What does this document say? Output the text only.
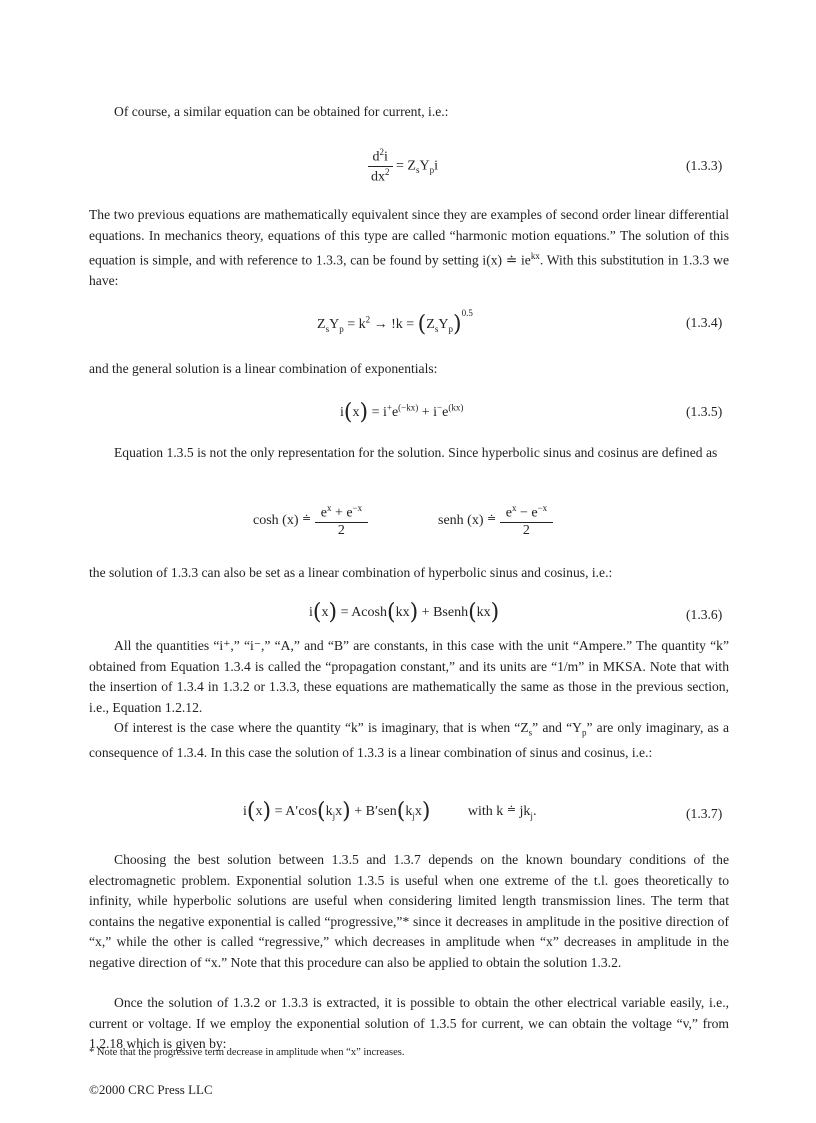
Of course, a similar equation can be obtained for current, i.e.:

$\frac{d^2i}{dx^2} = Z_sY_pi$	(1.3.3)

The two previous equations are mathematically equivalent since they are examples of second order linear differential equations. In mechanics theory, equations of this type are called “harmonic motion equations.” The solution of this equation is simple, and with reference to 1.3.3, can be found by setting i(x) ≐ $ie^{kx}$. With this substitution in 1.3.3 we have:

$Z_sY_p = k^2 \to !k = (Z_sY_p)^{0.5}$
(1.3.4)

and the general solution is a linear combination of exponentials:

$i(x) = i^+e^{(-kx)} + i^-e^{(kx)}$	(1.3.5)

Equation 1.3.5 is not the only representation for the solution. Since hyperbolic sinus and cosinus are defined as

cosh (x) ≐ $\frac{e^x + e^{-x}}{2}$	senh (x) ≐ $\frac{e^x - e^{-x}}{2}$

the solution of 1.3.3 can also be set as a linear combination of hyperbolic sinus and cosinus, i.e.:

i(x) = Acosh(kx) + Bsenh(kx)	(1.3.6)

All the quantities “i⁺,” “i⁻,” “A,” and “B” are constants, in this case with the unit “Ampere.” The quantity “k” obtained from Equation 1.3.4 is called the “propagation constant,” and its units are “1/m” in MKSA. Note that with the insertion of 1.3.4 in 1.3.2 or 1.3.3, these equations are mathematically the same as those in the previous section, i.e., Equation 1.2.12.

Of interest is the case where the quantity “k” is imaginary, that is when “$Z_s$” and “$Y_p$” are only imaginary, as a consequence of 1.3.4. In this case the solution of 1.3.3 is a linear combination of sinus and cosinus, i.e.:

$i(x) = A'\cos(k_jx) + B'sen(k_jx)$	with k ≐ $jk_j$.	(1.3.7)

Choosing the best solution between 1.3.5 and 1.3.7 depends on the known boundary conditions of the electromagnetic problem. Exponential solution 1.3.5 is useful when one extreme of the t.l. goes theoretically to infinity, while hyperbolic solutions are useful when considering limited length transmission lines. The term that contains the negative exponential is called “progressive,”* since it decreases in amplitude in the positive direction of “x,” while the other is called “regressive,” which decreases in amplitude when “x” decreases in amplitude in the negative direction of “x.” Note that this procedure can also be applied to obtain the solution 1.3.2.

Once the solution of 1.3.2 or 1.3.3 is extracted, it is possible to obtain the other electrical variable easily, i.e., current or voltage. If we employ the exponential solution of 1.3.5 for current, we can obtain the voltage “v,” from 1.2.18 which is given by:

* Note that the progressive term decrease in amplitude when “x” increases.
©2000 CRC Press LLC
